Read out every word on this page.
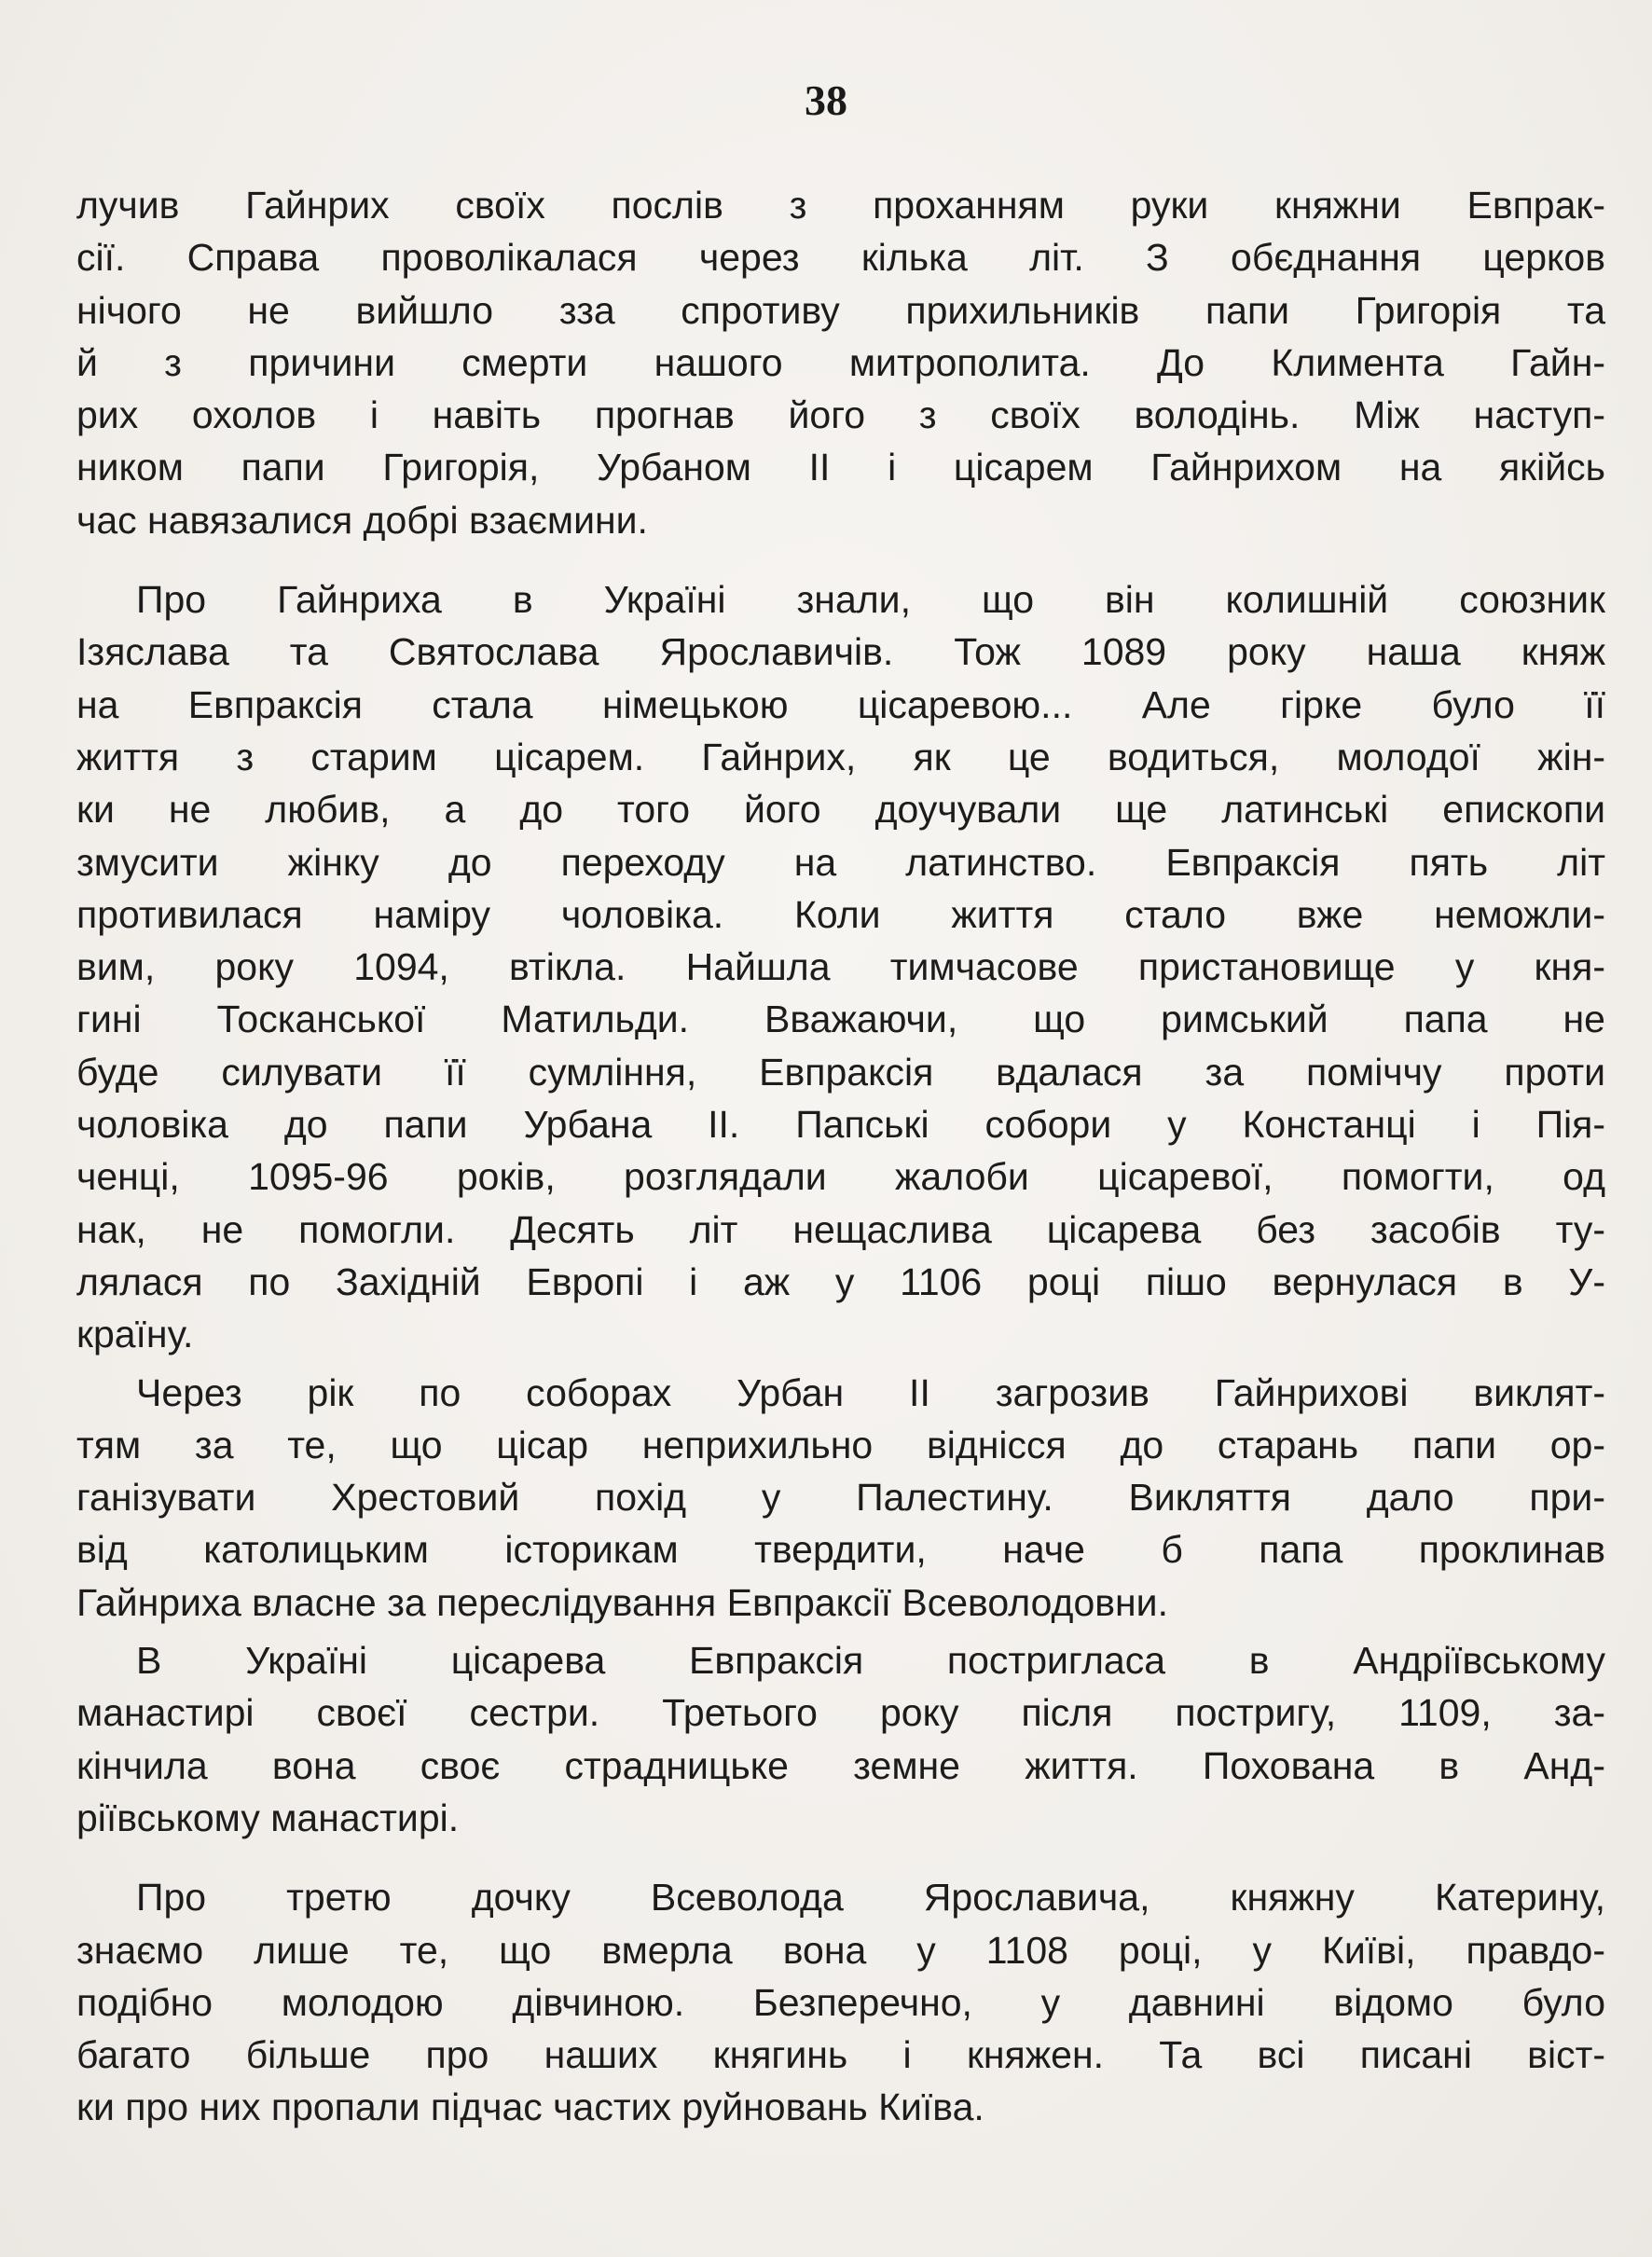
38
лучив Гайнрих своїх послів з проханням руки княжни Евпрак-
сії. Справа проволікалася через кілька літ. З обєднання церков
нічого не вийшло зза спротиву прихильників папи Григорія та
й з причини смерти нашого митрополита. До Климента Гайн-
рих охолов і навіть прогнав його з своїх володінь. Між наступ-
ником папи Григорія, Урбаном II і цісарем Гайнрихом на якійсь
час навязалися добрі взаємини.
Про Гайнриха в Україні знали, що він колишній союзник
Ізяслава та Святослава Ярославичів. Тож 1089 року наша княж
на Евпраксія стала німецькою цісаревою... Але гірке було її
життя з старим цісарем. Гайнрих, як це водиться, молодої жін-
ки не любив, а до того його доучували ще латинські епископи
змусити жінку до переходу на латинство. Евпраксія пять літ
противилася наміру чоловіка. Коли життя стало вже неможли-
вим, року 1094, втікла. Найшла тимчасове пристановище у кня-
гині Тосканської Матильди. Вважаючи, що римський папа не
буде силувати її сумління, Евпраксія вдалася за поміччу проти
чоловіка до папи Урбана II. Папські собори у Констанці і Пія-
ченці, 1095-96 років, розглядали жалоби цісаревої, помогти, од
нак, не помогли. Десять літ нещаслива цісарева без засобів ту-
лялася по Західній Европі і аж у 1106 році пішо вернулася в У-
країну.
Через рік по соборах Урбан II загрозив Гайнрихові виклят-
тям за те, що цісар неприхильно віднісся до старань папи ор-
ганізувати Хрестовий похід у Палестину. Викляття дало при-
від католицьким історикам твердити, наче б папа проклинав
Гайнриха власне за переслідування Евпраксії Всеволодовни.
В Україні цісарева Евпраксія постриглаcа в Андріївському
манастирі своєї сестри. Третього року після постригу, 1109, за-
кінчила вона своє страдницьке земне життя. Похована в Анд-
ріївському манастирі.
Про третю дочку Всеволода Ярославича, княжну Катерину,
знаємо лише те, що вмерла вона у 1108 році, у Київі, правдо-
подібно молодою дівчиною. Безперечно, у давнині відомо було
багато більше про наших княгинь і княжен. Та всі писані віст-
ки про них пропали підчас частих руйновань Київа.
